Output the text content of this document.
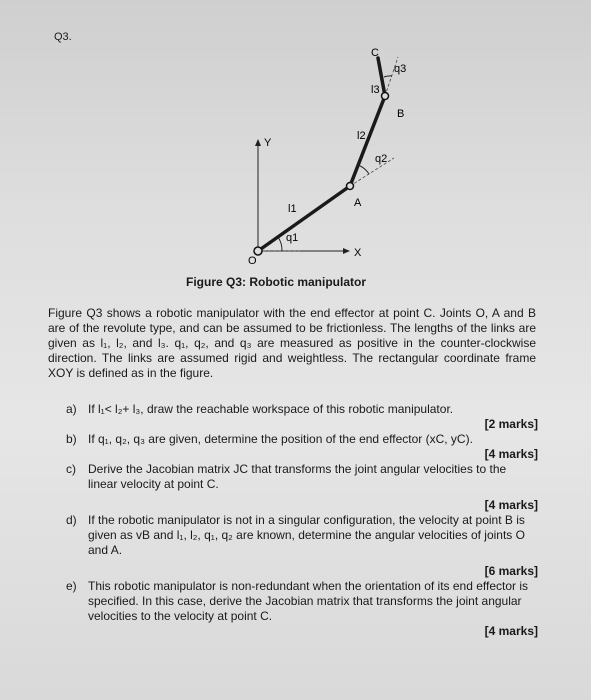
Q3.
C
B
A
O
X
Y
q1
q2
q3
l1
l2
l3
Figure Q3: Robotic manipulator
Figure Q3 shows a robotic manipulator with the end effector at point C. Joints O, A and B are of the revolute type, and can be assumed to be frictionless. The lengths of the links are given as l₁, l₂, and l₃. q₁, q₂, and q₃ are measured as positive in the counter-clockwise direction. The links are assumed rigid and weightless. The rectangular coordinate frame XOY is defined as in the figure.
a) If l₁< l₂+ l₃, draw the reachable workspace of this robotic manipulator.
[2 marks]
b) If q₁, q₂, q₃ are given, determine the position of the end effector (xC, yC).
[4 marks]
c) Derive the Jacobian matrix JC that transforms the joint angular velocities to the linear velocity at point C.
[4 marks]
d) If the robotic manipulator is not in a singular configuration, the velocity at point B is given as vB and l₁, l₂, q₁, q₂ are known, determine the angular velocities of joints O and A.
[6 marks]
e) This robotic manipulator is non-redundant when the orientation of its end effector is specified. In this case, derive the Jacobian matrix that transforms the joint angular velocities to the velocity at point C.
[4 marks]
